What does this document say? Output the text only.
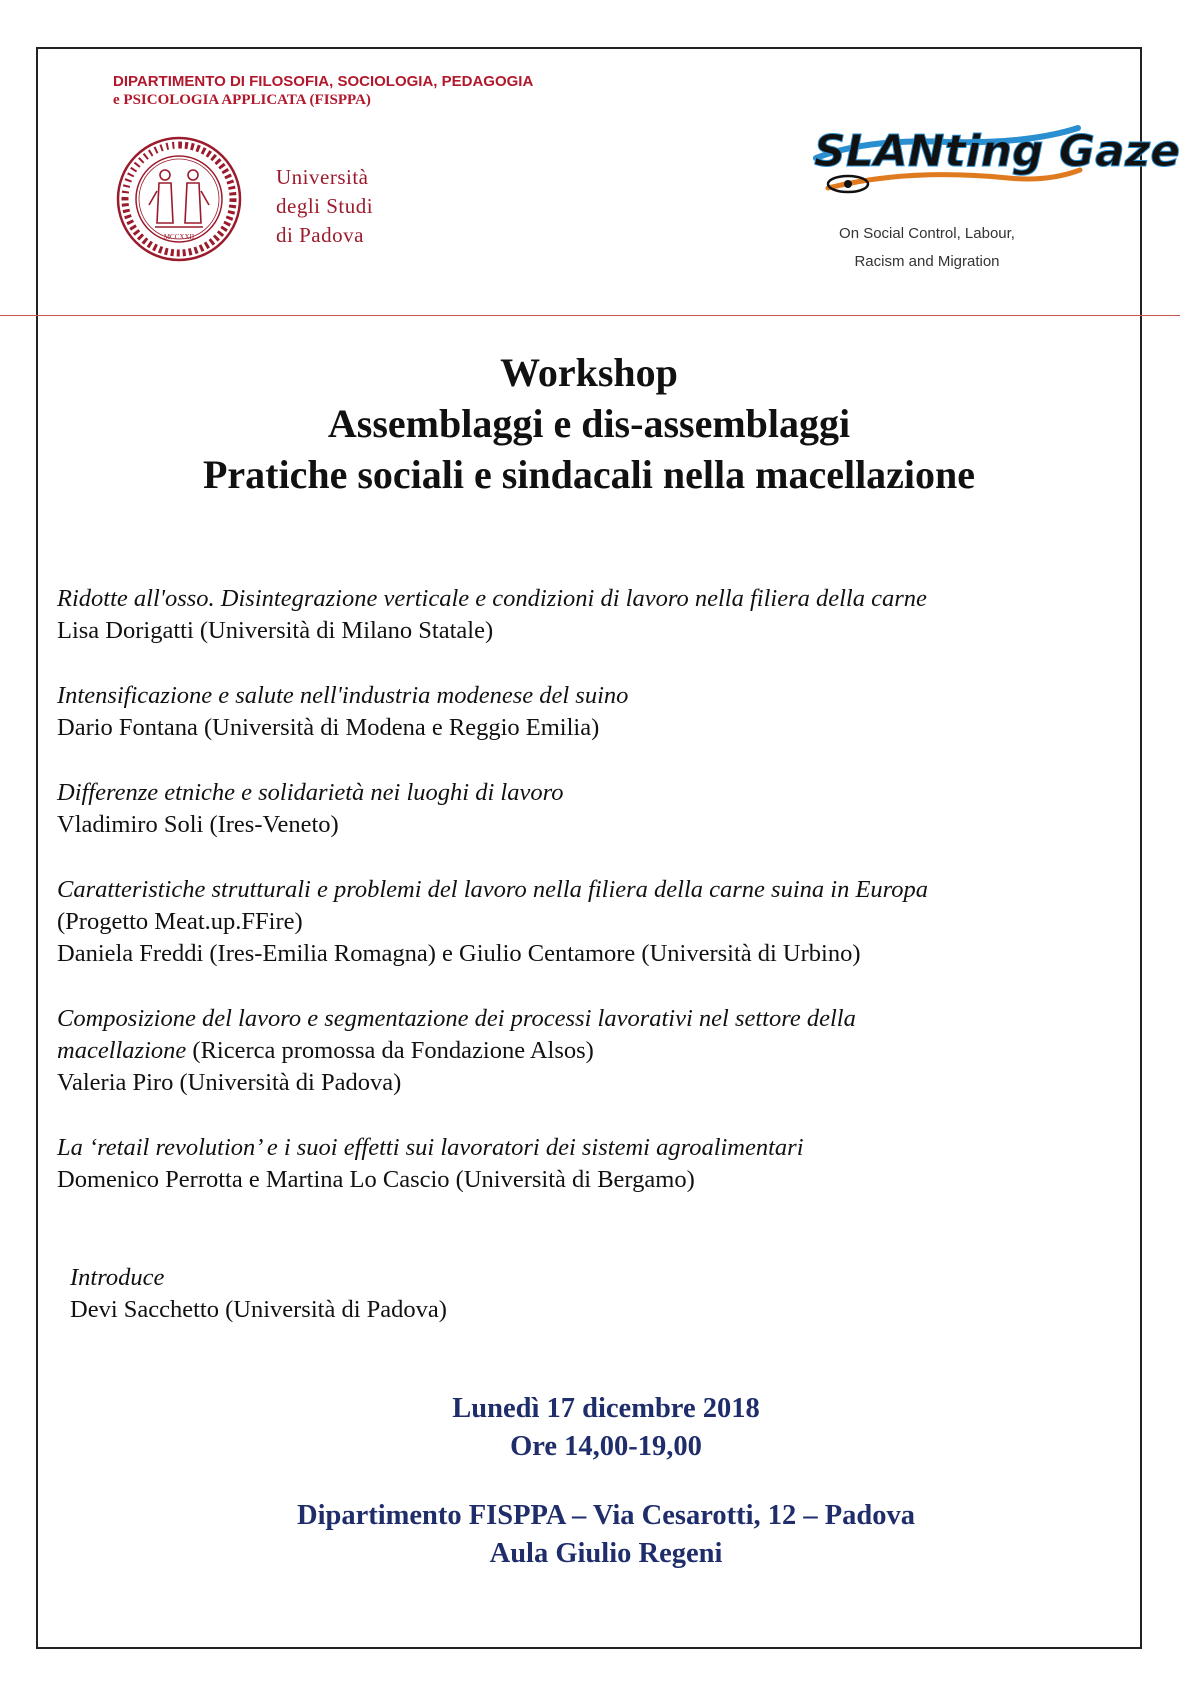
DIPARTIMENTO DI FILOSOFIA, SOCIOLOGIA, PEDAGOGIA
e PSICOLOGIA APPLICATA (FISPPA)
MCCXXII
Università
degli Studi
di Padova
SLANting Gaze
On Social Control, Labour,
Racism and Migration
Workshop
Assemblaggi e dis-assemblaggi
Pratiche sociali e sindacali nella macellazione
Ridotte all'osso. Disintegrazione verticale e condizioni di lavoro nella filiera della carne
Lisa Dorigatti (Università di Milano Statale)
Intensificazione e salute nell'industria modenese del suino
Dario Fontana (Università di Modena e Reggio Emilia)
Differenze etniche e solidarietà nei luoghi di lavoro
Vladimiro Soli (Ires-Veneto)
Caratteristiche strutturali e problemi del lavoro nella filiera della carne suina in Europa
(Progetto Meat.up.FFire)
Daniela Freddi (Ires-Emilia Romagna) e Giulio Centamore (Università di Urbino)
Composizione del lavoro e segmentazione dei processi lavorativi nel settore della
macellazione (Ricerca promossa da Fondazione Alsos)
Valeria Piro (Università di Padova)
La ‘retail revolution’ e i suoi effetti sui lavoratori dei sistemi agroalimentari
Domenico Perrotta e Martina Lo Cascio (Università di Bergamo)
Introduce
Devi Sacchetto (Università di Padova)
Lunedì 17 dicembre 2018
Ore 14,00-19,00
Dipartimento FISPPA – Via Cesarotti, 12 – Padova
Aula Giulio Regeni
